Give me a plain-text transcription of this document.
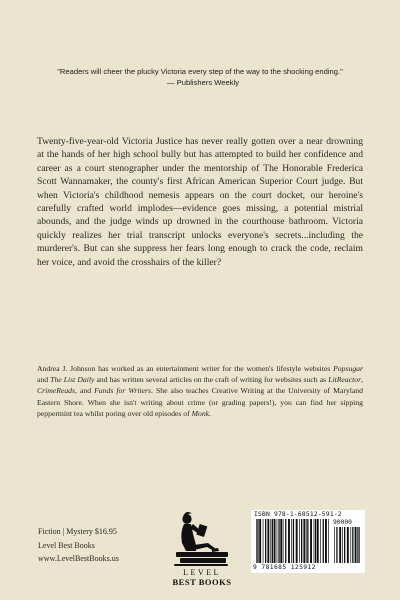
"Readers will cheer the plucky Victoria every step of the way to the shocking ending."
— Publishers Weekly
Twenty-five-year-old Victoria Justice has never really gotten over a near drowning at the hands of her high school bully but has attempted to build her confidence and career as a court stenographer under the mentorship of The Honorable Frederica Scott Wannamaker, the county's first African American Superior Court judge. But when Victoria's childhood nemesis appears on the court docket, our heroine's carefully crafted world implodes—evidence goes missing, a potential mistrial abounds, and the judge winds up drowned in the courthouse bathroom. Victoria quickly realizes her trial transcript unlocks everyone's secrets...including the murderer's. But can she suppress her fears long enough to crack the code, reclaim her voice, and avoid the crosshairs of the killer?
Andrea J. Johnson has worked as an entertainment writer for the women's lifestyle websites Popsugar and The List Daily and has written several articles on the craft of writing for websites such as LitReactor, CrimeReads, and Funds for Writers. She also teaches Creative Writing at the University of Maryland Eastern Shore. When she isn't writing about crime (or grading papers!), you can find her sipping peppermint tea whilst poring over old episodes of Monk.
Fiction | Mystery $16.95
Level Best Books
www.LevelBestBooks.us
LEVEL
BEST BOOKS
ISBN 978-1-68512-591-2
90000
9 781685 125912
